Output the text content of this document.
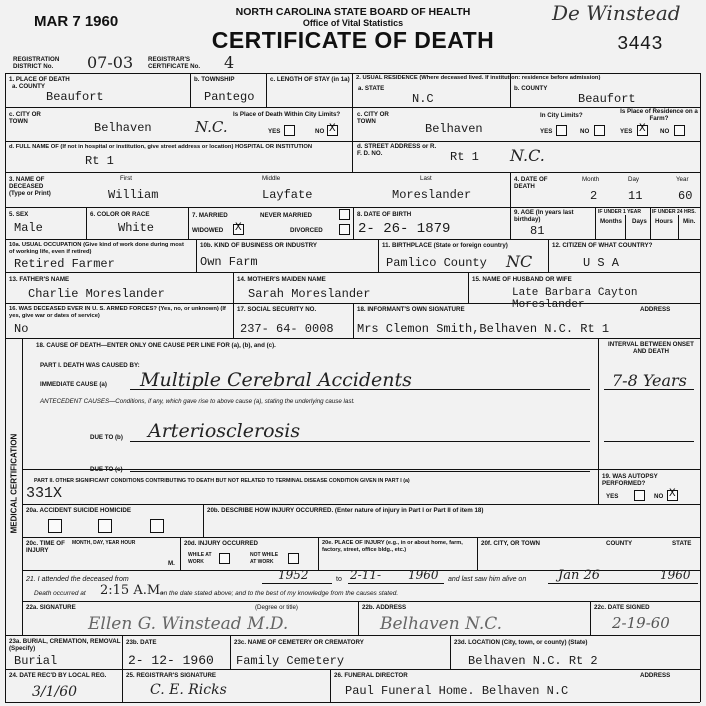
MAR 7 1960
NORTH CAROLINA STATE BOARD OF HEALTH
Office of Vital Statistics
CERTIFICATE OF DEATH
De Winstead
3443
REGISTRATION DISTRICT No.	07-03 REGISTRAR'S CERTIFICATE No.	4
1. PLACE OF DEATH
a. COUNTY
Beaufort
b. TOWNSHIP
Pantego
c. LENGTH OF STAY (in 1a) 2. USUAL RESIDENCE (Where deceased lived. If institution: residence before admission)
a. STATE
N.C
b. COUNTY
Beaufort
c. CITY OR TOWN	Belhaven	N.C.
Is Place of Death Within City Limits?
YES	NO X
c. CITY OR TOWN
Belhaven
In City Limits?
Is Place of Residence on a Farm?
YES	NO	YES X NO
d. FULL NAME OF (If not in hospital or institution, give street address or location) HOSPITAL OR INSTITUTION
Rt 1
d. STREET ADDRESS or R. F. D. NO.	Rt 1 N.C.
3. NAME OF DECEASED (Type or Print)
First	Middle	Last
William	Layfate	Moreslander
4. DATE OF DEATH
Month	Day	Year
2	11	60
5. SEX
Male
6. COLOR OR RACE
White
7. MARRIED	NEVER MARRIED
WIDOWED X	DIVORCED
8. DATE OF BIRTH
2- 26- 1879
9. AGE (In years last birthday)
81
IF UNDER 1 YEAR IF UNDER 24 HRS.
Months Days Hours Min.
10a. USUAL OCCUPATION (Give kind of work done during most of working life, even if retired)
Retired Farmer
10b. KIND OF BUSINESS OR INDUSTRY
Own Farm
11. BIRTHPLACE (State or foreign country)
Pamlico County NC
12. CITIZEN OF WHAT COUNTRY?
U S A
13. FATHER'S NAME
Charlie Moreslander
14. MOTHER'S MAIDEN NAME
Sarah Moreslander
15. NAME OF HUSBAND OR WIFE
Late Barbara Cayton Moreslander
16. WAS DECEASED EVER IN U. S. ARMED FORCES? (Yes, no, or unknown) (If yes, give war or dates of service)
No
17. SOCIAL SECURITY NO.
237- 64- 0008
18. INFORMANT'S OWN SIGNATURE	ADDRESS
Mrs Clemon Smith,Belhaven N.C. Rt 1
MEDICAL CERTIFICATION
18. CAUSE OF DEATH—ENTER ONLY ONE CAUSE PER LINE FOR (a), (b), and (c).	INTERVAL BETWEEN ONSET AND DEATH
PART I. DEATH WAS CAUSED BY:
IMMEDIATE CAUSE (a) Multiple Cerebral Accidents	7-8 Years
ANTECEDENT CAUSES—Conditions, if any, which gave rise to above cause (a), stating the underlying cause last.
DUE TO (b) Arteriosclerosis
DUE TO (c)
PART II. OTHER SIGNIFICANT CONDITIONS CONTRIBUTING TO DEATH BUT NOT RELATED TO TERMINAL DISEASE CONDITION GIVEN IN PART I (a)
331X
19. WAS AUTOPSY PERFORMED?
YES	NO X
20a. ACCIDENT SUICIDE HOMICIDE	20b. DESCRIBE HOW INJURY OCCURRED. (Enter nature of injury in Part I or Part II of item 18)
20c. TIME OF INJURY
MONTH, DAY, YEAR HOUR
M.
20d. INJURY OCCURRED
WHILE AT WORK
NOT WHILE AT WORK
20e. PLACE OF INJURY (e.g., in or about home, farm, factory, street, office bldg., etc.)
20f. CITY, OR TOWN	COUNTY	STATE
21. I attended the deceased from	1952	to 2-11- 1960 and last saw him alive on Jan 26	1960
Death occurred at 2:15 A.M.
on the date stated above; and to the best of my knowledge from the causes stated.
22a. SIGNATURE	(Degree or title)
Ellen G. Winstead M.D.
22b. ADDRESS
Belhaven N.C.
22c. DATE SIGNED
2-19-60
23a. BURIAL, CREMATION, REMOVAL (Specify)
Burial
23b. DATE
2- 12- 1960
23c. NAME OF CEMETERY OR CREMATORY
Family Cemetery
23d. LOCATION (City, town, or county) (State)
Belhaven N.C. Rt 2
24. DATE REC'D BY LOCAL REG.
3/1/60
25. REGISTRAR'S SIGNATURE
C. E. Ricks
26. FUNERAL DIRECTOR	ADDRESS
Paul Funeral Home. Belhaven N.C
